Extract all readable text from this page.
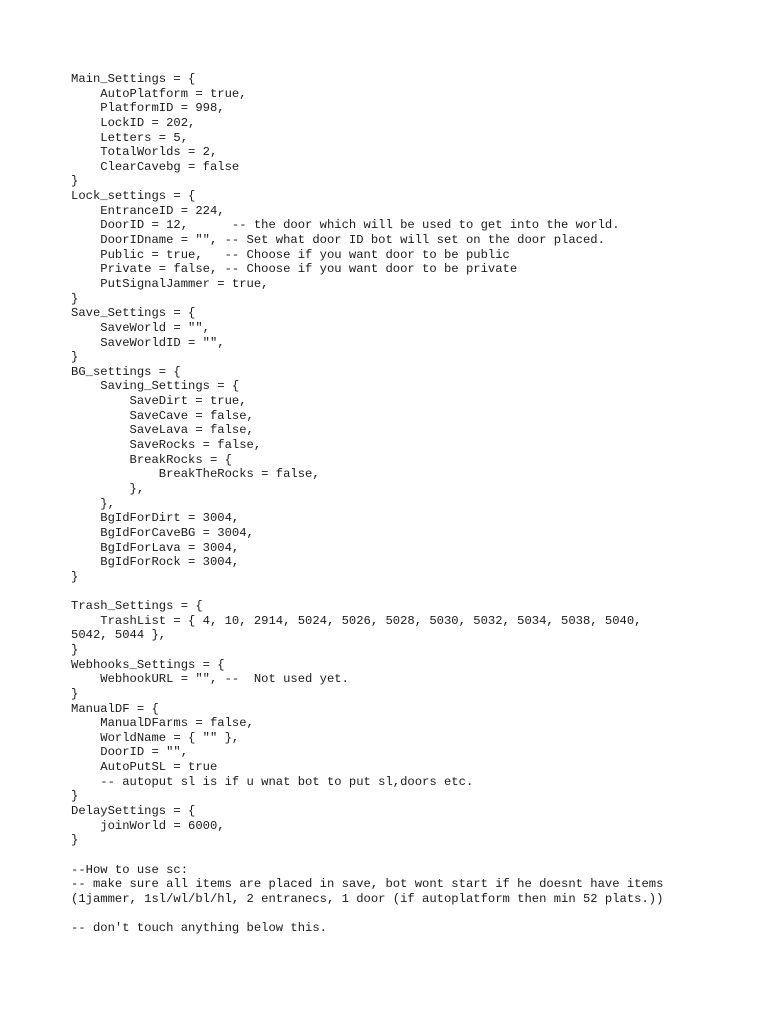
Main_Settings = {
AutoPlatform = true,
PlatformID = 998,
LockID = 202,
Letters = 5,
TotalWorlds = 2,
ClearCavebg = false
}
Lock_settings = {
EntranceID = 224,
DoorID = 12,      -- the door which will be used to get into the world.
DoorIDname = "", -- Set what door ID bot will set on the door placed.
Public = true,   -- Choose if you want door to be public
Private = false, -- Choose if you want door to be private
PutSignalJammer = true,
}
Save_Settings = {
SaveWorld = "",
SaveWorldID = "",
}
BG_settings = {
Saving_Settings = {
SaveDirt = true,
SaveCave = false,
SaveLava = false,
SaveRocks = false,
BreakRocks = {
BreakTheRocks = false,
},
},
BgIdForDirt = 3004,
BgIdForCaveBG = 3004,
BgIdForLava = 3004,
BgIdForRock = 3004,
}
Trash_Settings = {
TrashList = { 4, 10, 2914, 5024, 5026, 5028, 5030, 5032, 5034, 5038, 5040,
5042, 5044 },
}
Webhooks_Settings = {
WebhookURL = "", --  Not used yet.
}
ManualDF = {
ManualDFarms = false,
WorldName = { "" },
DoorID = "",
AutoPutSL = true
-- autoput sl is if u wnat bot to put sl,doors etc.
}
DelaySettings = {
joinWorld = 6000,
}
--How to use sc:
-- make sure all items are placed in save, bot wont start if he doesnt have items
(1jammer, 1sl/wl/bl/hl, 2 entranecs, 1 door (if autoplatform then min 52 plats.))
-- don't touch anything below this.
